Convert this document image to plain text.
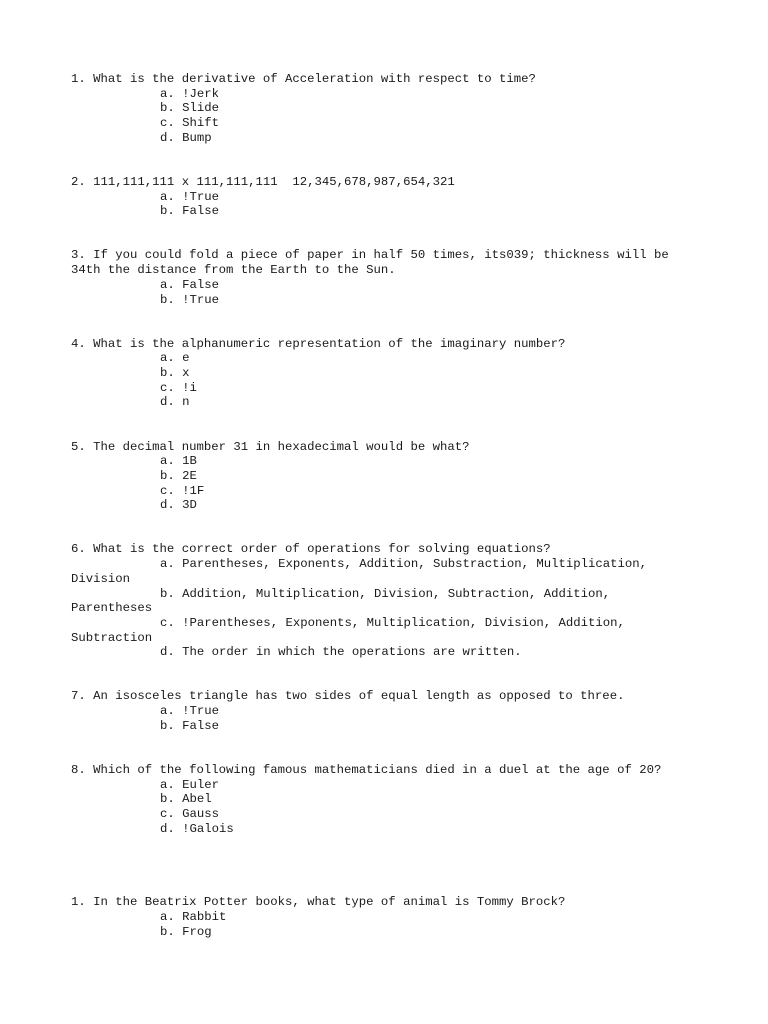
1. What is the derivative of Acceleration with respect to time?
a. !Jerk
b. Slide
c. Shift
d. Bump
2. 111,111,111 x 111,111,111  12,345,678,987,654,321
a. !True
b. False
3. If you could fold a piece of paper in half 50 times, its039; thickness will be
34th the distance from the Earth to the Sun.
a. False
b. !True
4. What is the alphanumeric representation of the imaginary number?
a. e
b. x
c. !i
d. n
5. The decimal number 31 in hexadecimal would be what?
a. 1B
b. 2E
c. !1F
d. 3D
6. What is the correct order of operations for solving equations?
a. Parentheses, Exponents, Addition, Substraction, Multiplication,
Division
b. Addition, Multiplication, Division, Subtraction, Addition,
Parentheses
c. !Parentheses, Exponents, Multiplication, Division, Addition,
Subtraction
d. The order in which the operations are written.
7. An isosceles triangle has two sides of equal length as opposed to three.
a. !True
b. False
8. Which of the following famous mathematicians died in a duel at the age of 20?
a. Euler
b. Abel
c. Gauss
d. !Galois
1. In the Beatrix Potter books, what type of animal is Tommy Brock?
a. Rabbit
b. Frog
